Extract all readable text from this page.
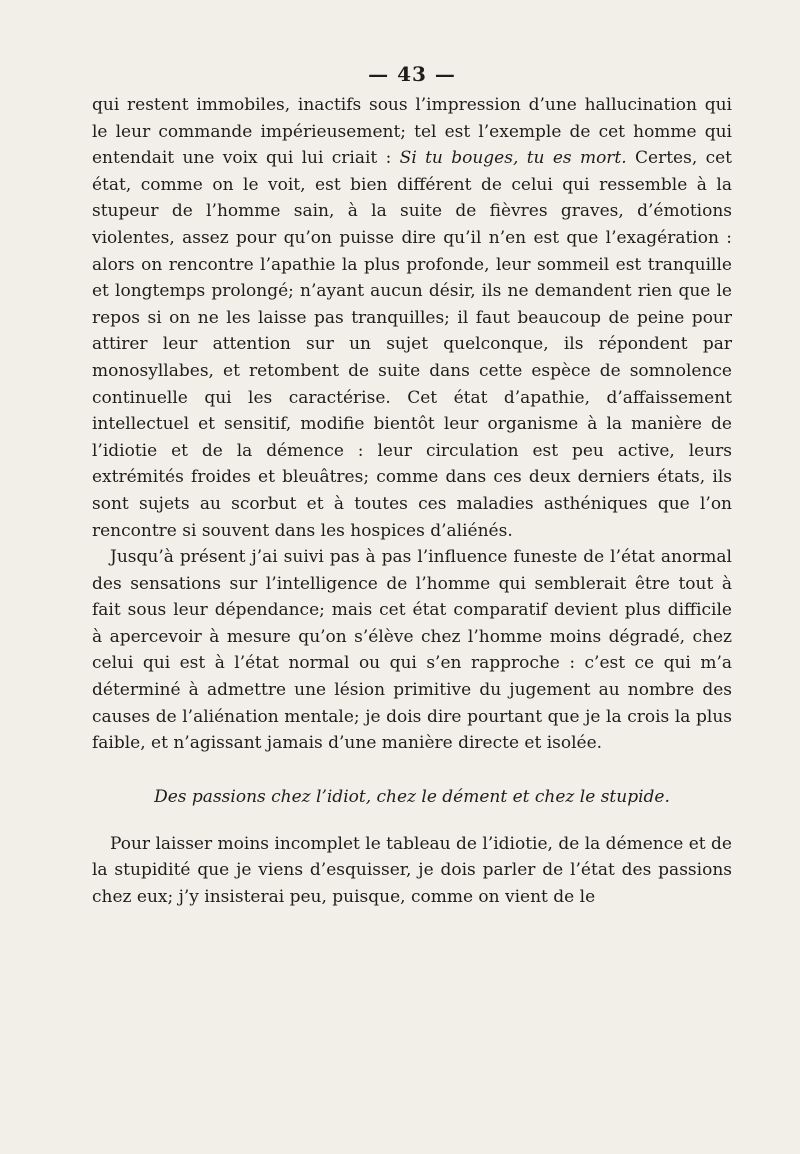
— 43 —

qui restent immobiles, inactifs sous l’impression d’une hallucination qui le leur commande impérieusement; tel est l’exemple de cet homme qui entendait une voix qui lui criait : Si tu bouges, tu es mort. Certes, cet état, comme on le voit, est bien différent de celui qui ressemble à la stupeur de l’homme sain, à la suite de fièvres graves, d’émotions violentes, assez pour qu’on puisse dire qu’il n’en est que l’exagération : alors on rencontre l’apathie la plus profonde, leur sommeil est tranquille et longtemps prolongé; n’ayant aucun désir, ils ne demandent rien que le repos si on ne les laisse pas tranquilles; il faut beaucoup de peine pour attirer leur attention sur un sujet quelconque, ils répondent par monosyllabes, et retombent de suite dans cette espèce de somnolence continuelle qui les caractérise. Cet état d’apathie, d’affaissement intellectuel et sensitif, modifie bientôt leur organisme à la manière de l’idiotie et de la démence : leur circulation est peu active, leurs extrémités froides et bleuâtres; comme dans ces deux derniers états, ils sont sujets au scorbut et à toutes ces maladies asthéniques que l’on rencontre si souvent dans les hospices d’aliénés.

Jusqu’à présent j’ai suivi pas à pas l’influence funeste de l’état anormal des sensations sur l’intelligence de l’homme qui semblerait être tout à fait sous leur dépendance; mais cet état comparatif devient plus difficile à apercevoir à mesure qu’on s’élève chez l’homme moins dégradé, chez celui qui est à l’état normal ou qui s’en rapproche : c’est ce qui m’a déterminé à admettre une lésion primitive du jugement au nombre des causes de l’aliénation mentale; je dois dire pourtant que je la crois la plus faible, et n’agissant jamais d’une manière directe et isolée.

Des passions chez l’idiot, chez le dément et chez le stupide.

Pour laisser moins incomplet le tableau de l’idiotie, de la démence et de la stupidité que je viens d’esquisser, je dois parler de l’état des passions chez eux; j’y insisterai peu, puisque, comme on vient de le
